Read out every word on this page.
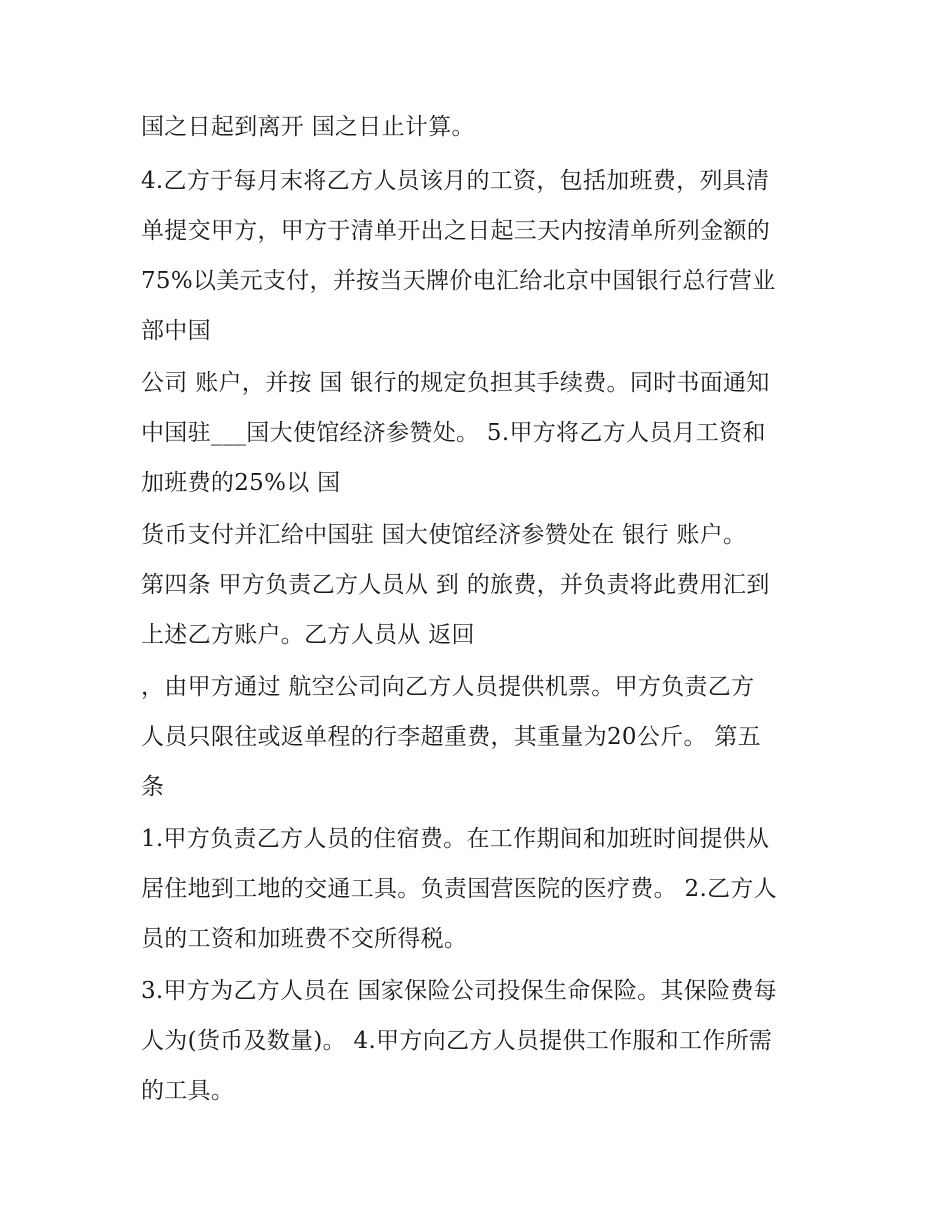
国之日起到离开 国之日止计算。
4.乙方于每月末将乙方人员该月的工资，包括加班费，列具清
单提交甲方，甲方于清单开出之日起三天内按清单所列金额的
75%以美元支付，并按当天牌价电汇给北京中国银行总行营业
部中国
公司 账户，并按 国 银行的规定负担其手续费。同时书面通知
中国驻___国大使馆经济参赞处。 5.甲方将乙方人员月工资和
加班费的25%以 国
货币支付并汇给中国驻 国大使馆经济参赞处在 银行 账户。
第四条 甲方负责乙方人员从 到 的旅费，并负责将此费用汇到
上述乙方账户。乙方人员从 返回
，由甲方通过 航空公司向乙方人员提供机票。甲方负责乙方
人员只限往或返单程的行李超重费，其重量为20公斤。 第五
条
1.甲方负责乙方人员的住宿费。在工作期间和加班时间提供从
居住地到工地的交通工具。负责国营医院的医疗费。 2.乙方人
员的工资和加班费不交所得税。
3.甲方为乙方人员在 国家保险公司投保生命保险。其保险费每
人为(货币及数量)。 4.甲方向乙方人员提供工作服和工作所需
的工具。
